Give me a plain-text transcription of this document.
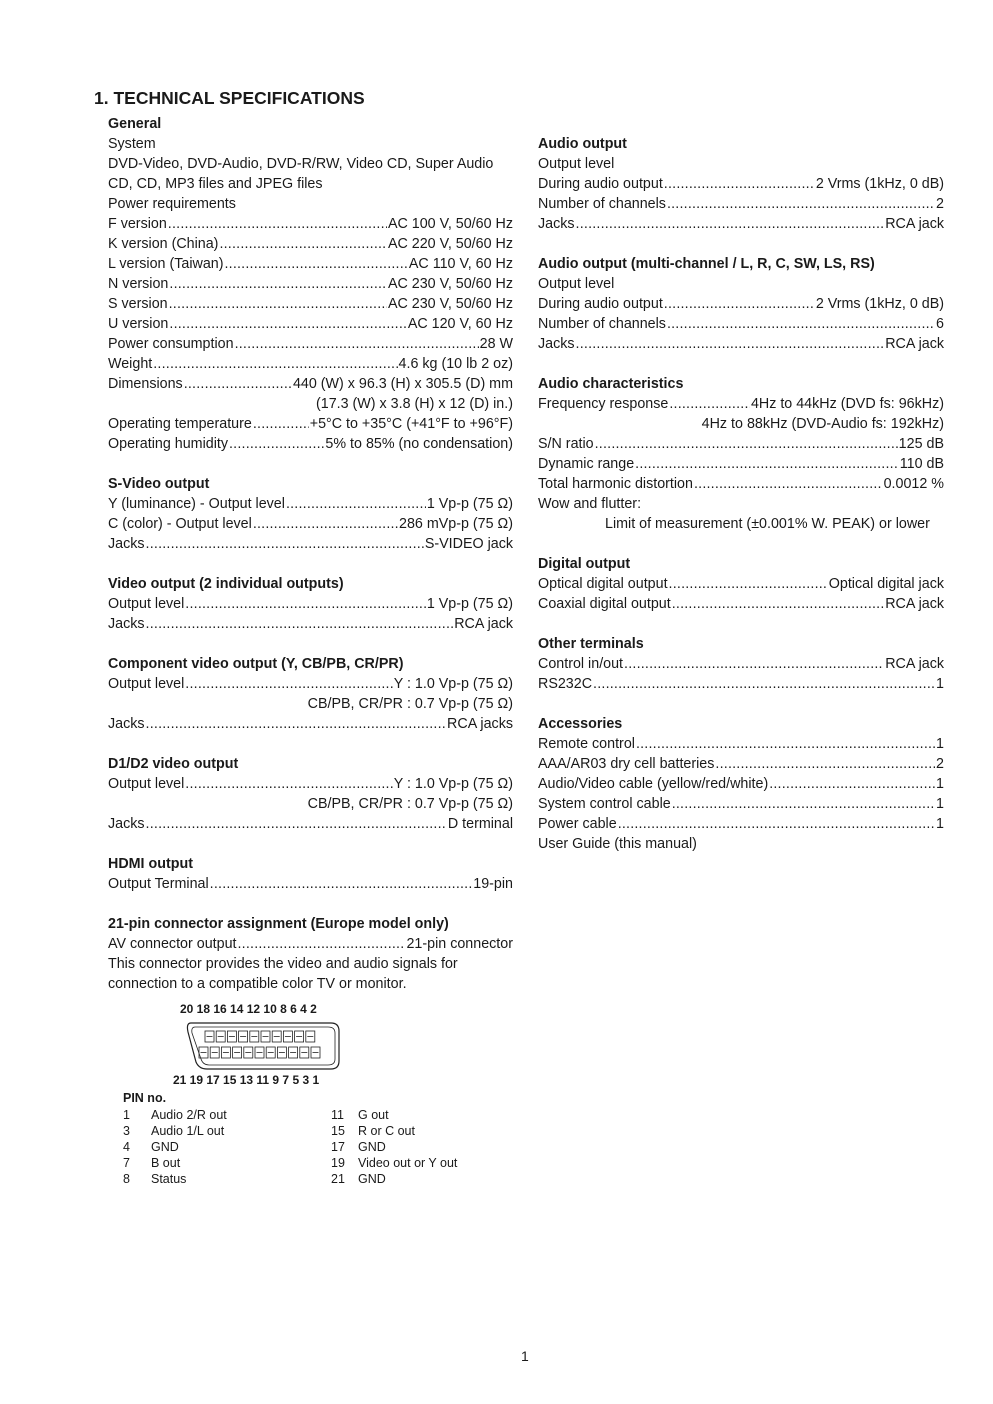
1. TECHNICAL SPECIFICATIONS
General
System
DVD-Video, DVD-Audio, DVD-R/RW, Video CD, Super Audio
CD, CD, MP3 files and JPEG files
Power requirements
F version .....	AC 100 V, 50/60 Hz
K version (China) .....	AC 220 V, 50/60 Hz
L version (Taiwan) .....	AC 110 V, 60 Hz
N version .....	AC 230 V, 50/60 Hz
S version .....	AC 230 V, 50/60 Hz
U version .....	AC 120 V, 60 Hz
Power consumption .....	28 W
Weight .....	4.6 kg (10 lb 2 oz)
Dimensions .....	440 (W) x 96.3 (H) x 305.5 (D) mm
(17.3 (W) x 3.8 (H) x 12 (D) in.)
Operating temperature .....	+5°C to +35°C (+41°F to +96°F)
Operating humidity .....	5% to 85% (no condensation)
S-Video output
Y (luminance) - Output level .....	1 Vp-p (75 Ω)
C (color) - Output level .....	286 mVp-p (75 Ω)
Jacks .....	S-VIDEO jack
Video output (2 individual outputs)
Output level .....	1 Vp-p (75 Ω)
Jacks .....	RCA jack
Component video output (Y, CB/PB, CR/PR)
Output level .....	Y : 1.0 Vp-p (75 Ω)
CB/PB, CR/PR : 0.7 Vp-p (75 Ω)
Jacks .....	RCA jacks
D1/D2 video output
Output level .....	Y : 1.0 Vp-p (75 Ω)
CB/PB, CR/PR : 0.7 Vp-p (75 Ω)
Jacks .....	D terminal
HDMI output
Output Terminal .....	19-pin
21-pin connector assignment (Europe model only)
AV connector output .....	21-pin connector
This connector provides the video and audio signals for
connection to a compatible color TV or monitor.
20 18 16 14 12 10 8 6 4 2
21 19 17 15 13 11 9 7 5 3 1
PIN no.
1	Audio 2/R out	11	G out
3	Audio 1/L out	15	R or C out
4	GND	17	GND
7	B out	19	Video out or Y out
8	Status	21	GND
Audio output
Output level
During audio output .....	2 Vrms (1kHz, 0 dB)
Number of channels .....	2
Jacks .....	RCA jack
Audio output (multi-channel / L, R, C, SW, LS, RS)
Output level
During audio output .....	2 Vrms (1kHz, 0 dB)
Number of channels .....	6
Jacks .....	RCA jack
Audio characteristics
Frequency response .....	4Hz to 44kHz (DVD fs: 96kHz)
4Hz to 88kHz (DVD-Audio fs: 192kHz)
S/N ratio .....	125 dB
Dynamic range .....	110 dB
Total harmonic distortion .....	0.0012 %
Wow and flutter:
Limit of measurement (±0.001% W. PEAK) or lower
Digital output
Optical digital output .....	Optical digital jack
Coaxial digital output .....	RCA jack
Other terminals
Control in/out .....	RCA jack
RS232C .....	1
Accessories
Remote control .....	1
AAA/AR03 dry cell batteries .....	2
Audio/Video cable (yellow/red/white) .....	1
System control cable .....	1
Power cable .....	1
User Guide (this manual)
1
